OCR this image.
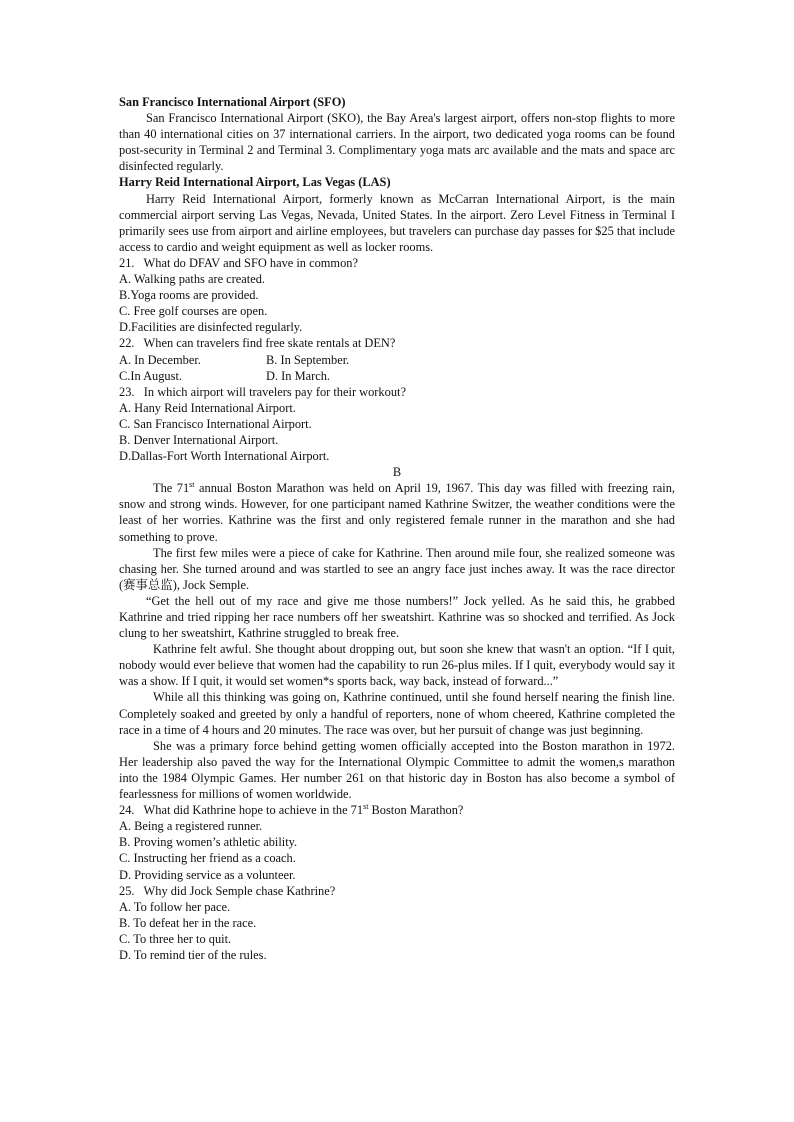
San Francisco International Airport (SFO)

San Francisco International Airport (SKO), the Bay Area's largest airport, offers non-stop flights to more than 40 international cities on 37 international carriers. In the airport, two dedicated yoga rooms can be found post-security in Terminal 2 and Terminal 3. Complimentary yoga mats arc available and the mats and space arc disinfected regularly.

Harry Reid International Airport, Las Vegas (LAS)

Harry Reid International Airport, formerly known as McCarran International Airport, is the main commercial airport serving Las Vegas, Nevada, United States. In the airport. Zero Level Fitness in Terminal I primarily sees use from airport and airline employees, but travelers can purchase day passes for $25 that include access to cardio and weight equipment as well as locker rooms.

21.   What do DFAV and SFO have in common?

A. Walking paths are created.

B.Yoga rooms are provided.

C. Free golf courses are open.

D.Facilities are disinfected regularly.

22.   When can travelers find free skate rentals at DEN?

A. In December.	B. In September.
C.In August.	D. In March.

23.   In which airport will travelers pay for their workout?

A. Hany Reid International Airport.

C. San Francisco International Airport.

B. Denver International Airport.

D.Dallas-Fort Worth International Airport.

B

The 71st annual Boston Marathon was held on April 19, 1967. This day was filled with freezing rain, snow and strong winds. However, for one participant named Kathrine Switzer, the weather conditions were the least of her worries. Kathrine was the first and only registered female runner in the marathon and she had something to prove.

The first few miles were a piece of cake for Kathrine. Then around mile four, she realized someone was chasing her. She turned around and was startled to see an angry face just inches away. It was the race director (赛事总监), Jock Semple.

“Get the hell out of my race and give me those numbers!” Jock yelled. As he said this, he grabbed Kathrine and tried ripping her race numbers off her sweatshirt. Kathrine was so shocked and terrified. As Jock clung to her sweatshirt, Kathrine struggled to break free.

Kathrine felt awful. She thought about dropping out, but soon she knew that wasn't an option. “If I quit, nobody would ever believe that women had the capability to run 26-plus miles. If I quit, everybody would say it was a show. If I quit, it would set women*s sports back, way back, instead of forward...”

While all this thinking was going on, Kathrine continued, until she found herself nearing the finish line. Completely soaked and greeted by only a handful of reporters, none of whom cheered, Kathrine completed the race in a time of 4 hours and 20 minutes. The race was over, but her pursuit of change was just beginning.

She was a primary force behind getting women officially accepted into the Boston marathon in 1972. Her leadership also paved the way for the International Olympic Committee to admit the women,s marathon into the 1984 Olympic Games. Her number 261 on that historic day in Boston has also become a symbol of fearlessness for millions of women worldwide.

24.   What did Kathrine hope to achieve in the 71st Boston Marathon?

A. Being a registered runner.

B. Proving women’s athletic ability.

C. Instructing her friend as a coach.

D. Providing service as a volunteer.

25.   Why did Jock Semple chase Kathrine?

A. To follow her pace.

B. To defeat her in the race.

C. To three her to quit.

D. To remind tier of the rules.
